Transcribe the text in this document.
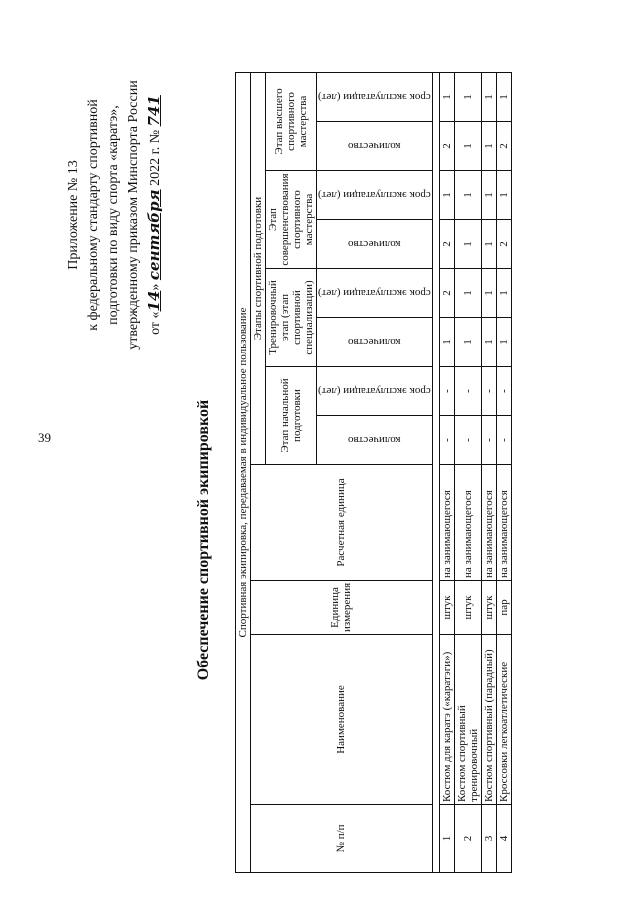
39
Приложение № 13 к федеральному стандарту спортивной подготовки по виду спорта «каратэ», утвержденному приказом Минспорта России от «14» сентября 2022 г. № 741
Обеспечение спортивной экипировкой Спортивная экипировка, передаваемая в индивидуальное пользование											
№ п/п	Наименование	Единица измерения	Расчетная единица	Этапы спортивной подготовки							
				Этап начальной подготовки		Тренировочный этап (этап спортивной специализации)		Этап совершенствования спортивного мастерства		Этап высшего спортивного мастерства	

				количество	срок эксплуатации (лет)	количество	срок эксплуатации (лет)	количество	срок эксплуатации (лет)	количество	срок эксплуатации (лет)

1	Костюм для каратэ («каратэги»)	штук	на занимающегося	-	-	1	2	2	1	2	1
2	Костюм спортивный тренировочный	штук	на занимающегося	-	-	1	1	1	1	1	1
3	Костюм спортивный (парадный)	штук	на занимающегося	-	-	1	1	1	1	1	1
4	Кроссовки легкоатлетические	пар	на занимающегося	-	-	1	1	2	1	2	1
